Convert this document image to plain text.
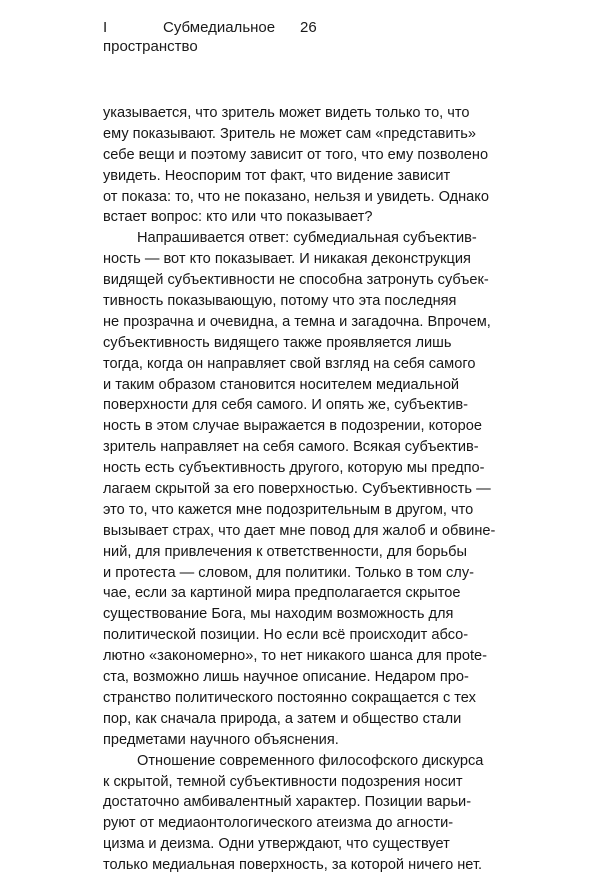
I	Субмедиальное 26
пространство
указывается, что зритель может видеть только то, что
ему показывают. Зритель не может сам «представить»
себе вещи и поэтому зависит от того, что ему позволено
увидеть. Неоспорим тот факт, что видение зависит
от показа: то, что не показано, нельзя и увидеть. Однако
встает вопрос: кто или что показывает?
Напрашивается ответ: субмедиальная субъектив-
ность — вот кто показывает. И никакая деконструкция
видящей субъективности не способна затронуть субъек-
тивность показывающую, потому что эта последняя
не прозрачна и очевидна, а темна и загадочна. Впрочем,
субъективность видящего также проявляется лишь
тогда, когда он направляет свой взгляд на себя самого
и таким образом становится носителем медиальной
поверхности для себя самого. И опять же, субъектив-
ность в этом случае выражается в подозрении, которое
зритель направляет на себя самого. Всякая субъектив-
ность есть субъективность другого, которую мы предпо-
лагаем скрытой за его поверхностью. Субъективность —
это то, что кажется мне подозрительным в другом, что
вызывает страх, что дает мне повод для жалоб и обвине-
ний, для привлечения к ответственности, для борьбы
и протеста — словом, для политики. Только в том слу-
чае, если за картиной мира предполагается скрытое
существование Бога, мы находим возможность для
политической позиции. Но если всё происходит абсо-
лютно «закономерно», то нет никакого шанса для прote-
ста, возможно лишь научное описание. Недаром про-
странство политического постоянно сокращается с тех
пор, как сначала природа, а затем и общество стали
предметами научного объяснения.
Отношение современного философского дискурса
к скрытой, темной субъективности подозрения носит
достаточно амбивалентный характер. Позиции варьи-
руют от медиаонтологического атеизма до агности-
цизма и деизма. Одни утверждают, что существует
только медиальная поверхность, за которой ничего нет.
